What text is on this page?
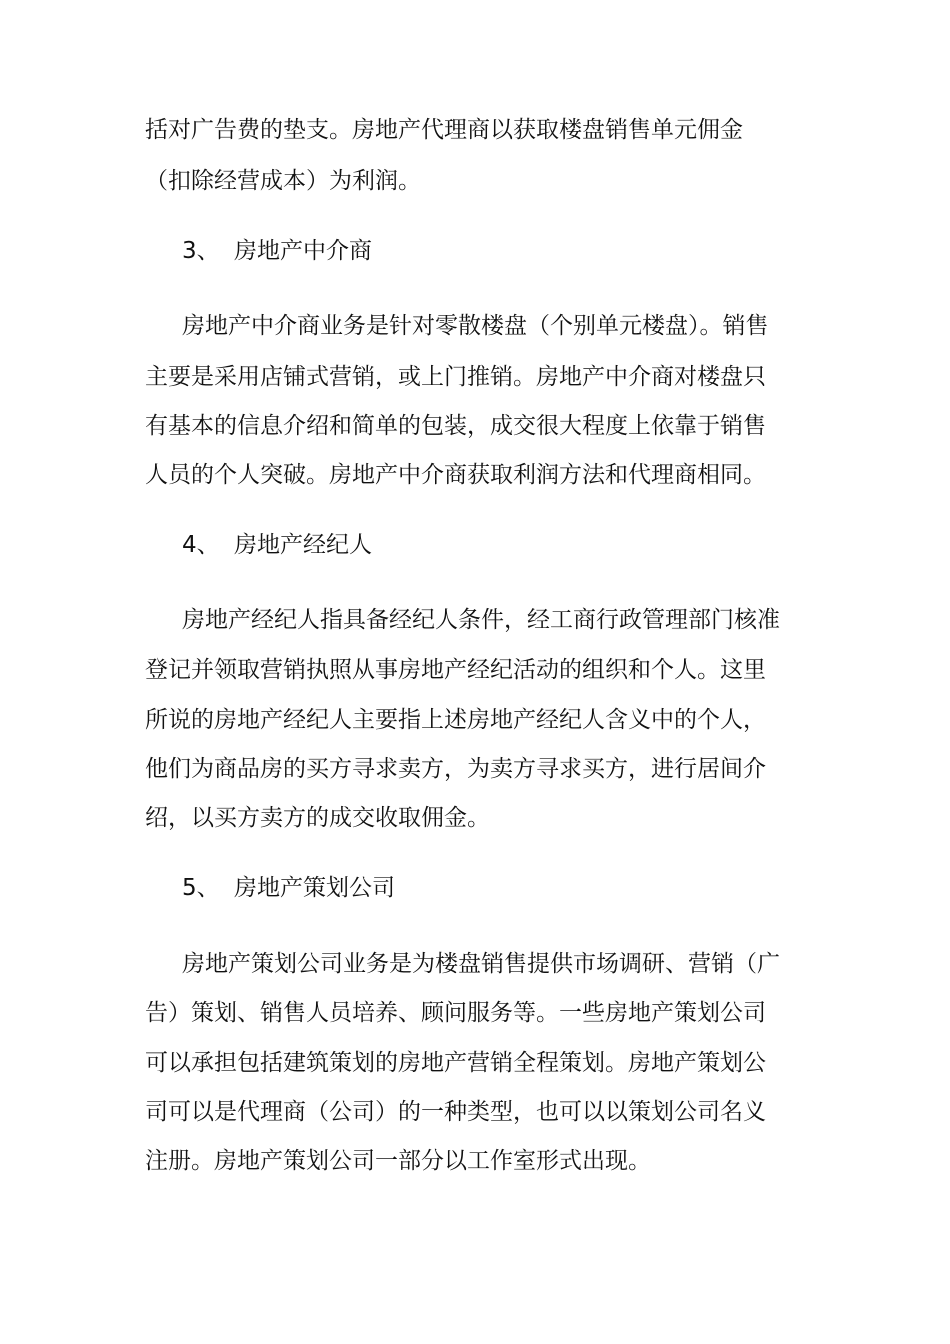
括对广告费的垫支。房地产代理商以获取楼盘销售单元佣金
（扣除经营成本）为利润。
3、 房地产中介商
房地产中介商业务是针对零散楼盘（个别单元楼盘）。销售
主要是采用店铺式营销，或上门推销。房地产中介商对楼盘只
有基本的信息介绍和简单的包装，成交很大程度上依靠于销售
人员的个人突破。房地产中介商获取利润方法和代理商相同。
4、 房地产经纪人
房地产经纪人指具备经纪人条件，经工商行政管理部门核准
登记并领取营销执照从事房地产经纪活动的组织和个人。这里
所说的房地产经纪人主要指上述房地产经纪人含义中的个人，
他们为商品房的买方寻求卖方，为卖方寻求买方，进行居间介
绍，以买方卖方的成交收取佣金。
5、 房地产策划公司
房地产策划公司业务是为楼盘销售提供市场调研、营销（广
告）策划、销售人员培养、顾问服务等。一些房地产策划公司
可以承担包括建筑策划的房地产营销全程策划。房地产策划公
司可以是代理商（公司）的一种类型，也可以以策划公司名义
注册。房地产策划公司一部分以工作室形式出现。
